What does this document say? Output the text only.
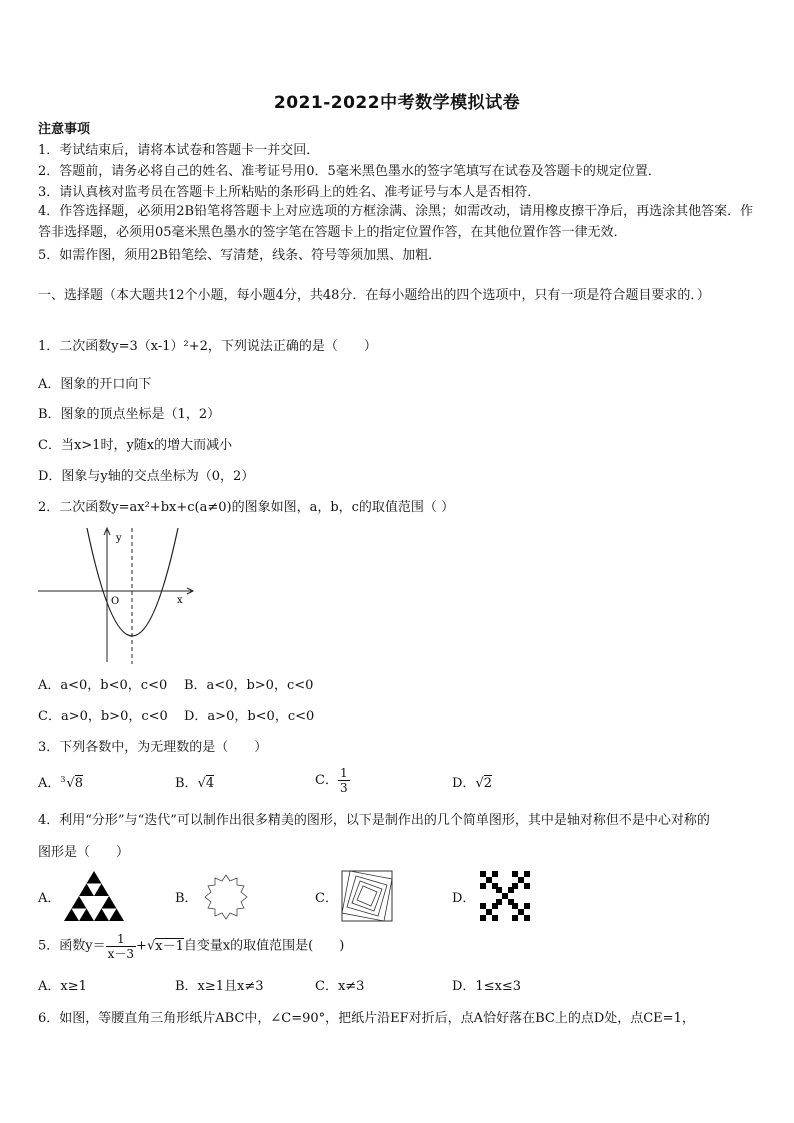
2021-2022中考数学模拟试卷
注意事项
1．考试结束后，请将本试卷和答题卡一并交回．
2．答题前，请务必将自己的姓名、准考证号用0．5毫米黑色墨水的签字笔填写在试卷及答题卡的规定位置．
3．请认真核对监考员在答题卡上所粘贴的条形码上的姓名、准考证号与本人是否相符．
4．作答选择题，必须用2B铅笔将答题卡上对应选项的方框涂满、涂黑；如需改动，请用橡皮擦干净后，再选涂其他答案．作答非选择题，必须用05毫米黑色墨水的签字笔在答题卡上的指定位置作答，在其他位置作答一律无效．
5．如需作图，须用2B铅笔绘、写清楚，线条、符号等须加黑、加粗．
一、选择题（本大题共12个小题，每小题4分，共48分．在每小题给出的四个选项中，只有一项是符合题目要求的．）
1．二次函数y=3（x-1）²+2，下列说法正确的是（　　）
A．图象的开口向下
B．图象的顶点坐标是（1，2）
C．当x>1时，y随x的增大而减小
D．图象与y轴的交点坐标为（0，2）
2．二次函数y=ax²+bx+c(a≠0)的图象如图，a，b，c的取值范围（ ）
y
x
O
A．a<0，b<0，c<0 B．a<0，b>0，c<0
C．a>0，b>0，c<0 D．a>0，b<0，c<0
3．下列各数中，为无理数的是（　　）
A． 3 √8	B．√4	C． $\frac{1}{3}$	D．√2
4．利用“分形”与“迭代”可以制作出很多精美的图形，以下是制作出的几个简单图形，其中是轴对称但不是中心对称的
图形是（　　）
A．	B．	C．	D．
5．函数$y= \frac{1}{x-3} +√x-1$自变量x的取值范围是(　　)
A．x≥1	B．x≥1且x≠3	C．x≠3	D．1≤x≤3
6．如图，等腰直角三角形纸片ABC中，∠C=90°，把纸片沿EF对折后，点A恰好落在BC上的点D处，点CE=1，
